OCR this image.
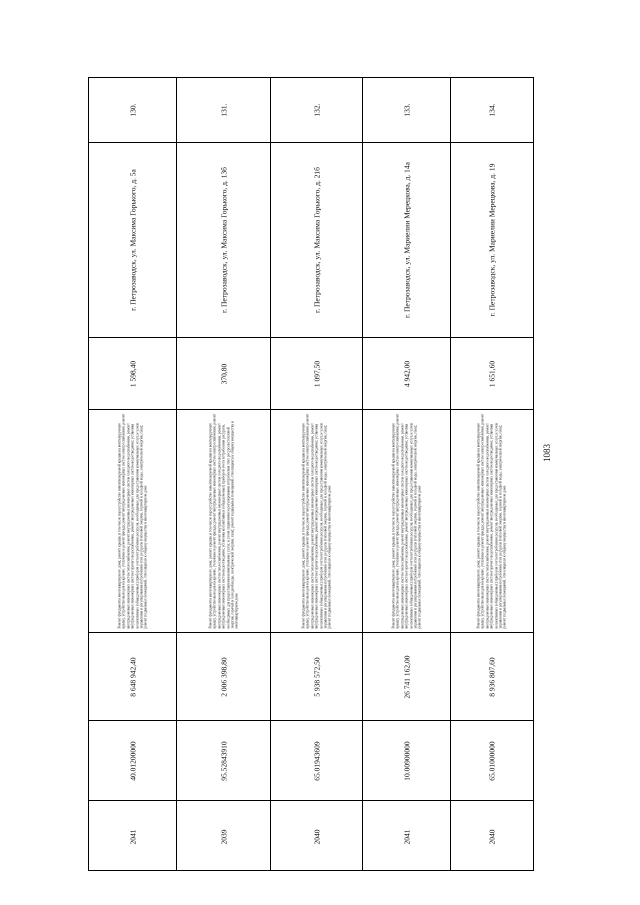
1083
130.
г. Петрозаводск, ул. Максима Горького, д. 5а
1 598,40
Ремонт фундамента многоквартирного дома; ремонт крыши, в том числе переустройство невентилируемой крыши на вентилируемую крышу, устройство выходов на кровлю, утепление и ремонт фасада; ремонт внутридомовых инженерных систем электроснабжения, ремонт внутридомовых инженерных систем теплоснабжения, ремонт внутридомовых инженерных систем холодного водоснабжения, ремонт внутридомовых инженерных систем горячего водоснабжения, ремонт внутридомовых инженерных систем водоотведения; установка коллективных (общедомовых) приборов учета потребления ресурсов, необходимых для предоставления коммунальных услуг, и узлов управления и регулирования потребления этих ресурсов (тепловой энергии, горячей и холодной воды, электрической энергии, газа); ремонт подвальных помещений, относящихся к общему имуществу в многоквартирном доме
8 648 942,40
40.01200000
2041
131.
г. Петрозаводск, ул. Максима Горького, д. 13б
370,80
Ремонт фундамента многоквартирного дома; ремонт крыши, в том числе переустройство невентилируемой крыши на вентилируемую крышу, устройство выходов на кровлю, утепление и ремонт фасада; ремонт внутридомовых инженерных систем электроснабжения, ремонт внутридомовых инженерных систем теплоснабжения, ремонт внутридомовых инженерных систем холодного водоснабжения, ремонт внутридомовых инженерных систем водоотведения; установка коллективных (общедомовых) приборов учета потребления ресурсов, необходимых для предоставления коммунальных услуг, и узлов управления и регулирования потребления этих ресурсов (тепловой энергии, горячей и холодной воды, электрической энергии, газа); ремонт подвальных помещений, относящихся к общему имуществу в многоквартирном доме
2 006 398,80
95.52843910
2039
132.
г. Петрозаводск, ул. Максима Горького, д. 21б
1 097,50
Ремонт фундамента многоквартирного дома; ремонт крыши, в том числе переустройство невентилируемой крыши на вентилируемую крышу, устройство выходов на кровлю, утепление и ремонт фасада; ремонт внутридомовых инженерных систем электроснабжения, ремонт внутридомовых инженерных систем теплоснабжения, ремонт внутридомовых инженерных систем холодного водоснабжения, ремонт внутридомовых инженерных систем горячего водоснабжения, ремонт внутридомовых инженерных систем водоотведения; установка коллективных (общедомовых) приборов учета потребления ресурсов, необходимых для предоставления коммунальных услуг, и узлов управления и регулирования потребления этих ресурсов (тепловой энергии, горячей и холодной воды, электрической энергии, газа); ремонт подвальных помещений, относящихся к общему имуществу в многоквартирном доме
5 938 572,50
65.01943609
2040
133.
г. Петрозаводск, ул. Мариелии Мерецкова, д. 14а
4 942,00
Ремонт фундамента многоквартирного дома; ремонт крыши, в том числе переустройство невентилируемой крыши на вентилируемую крышу, устройство выходов на кровлю, утепление и ремонт фасада; ремонт внутридомовых инженерных систем электроснабжения, ремонт внутридомовых инженерных систем теплоснабжения, ремонт внутридомовых инженерных систем холодного водоснабжения, ремонт внутридомовых инженерных систем горячего водоснабжения, ремонт внутридомовых инженерных систем водоотведения; установка коллективных (общедомовых) приборов учета потребления ресурсов, необходимых для предоставления коммунальных услуг, и узлов управления и регулирования потребления этих ресурсов (тепловой энергии, горячей и холодной воды, электрической энергии, газа); ремонт подвальных помещений, относящихся к общему имуществу в многоквартирном доме
26 741 162,00
10.00900000
2041
134.
г. Петрозаводск, ул. Мариелии Мерецкова, д. 19
1 651,60
Ремонт фундамента многоквартирного дома; ремонт крыши, в том числе переустройство невентилируемой крыши на вентилируемую крышу, устройство выходов на кровлю, утепление и ремонт фасада; ремонт внутридомовых инженерных систем электроснабжения, ремонт внутридомовых инженерных систем теплоснабжения, ремонт внутридомовых инженерных систем холодного водоснабжения, ремонт внутридомовых инженерных систем горячего водоснабжения, ремонт внутридомовых инженерных систем водоотведения; установка коллективных (общедомовых) приборов учета потребления ресурсов, необходимых для предоставления коммунальных услуг, и узлов управления и регулирования потребления этих ресурсов (тепловой энергии, горячей и холодной воды, электрической энергии, газа); ремонт подвальных помещений, относящихся к общему имуществу в многоквартирном доме
8 936 807,60
65.01000000
2040
